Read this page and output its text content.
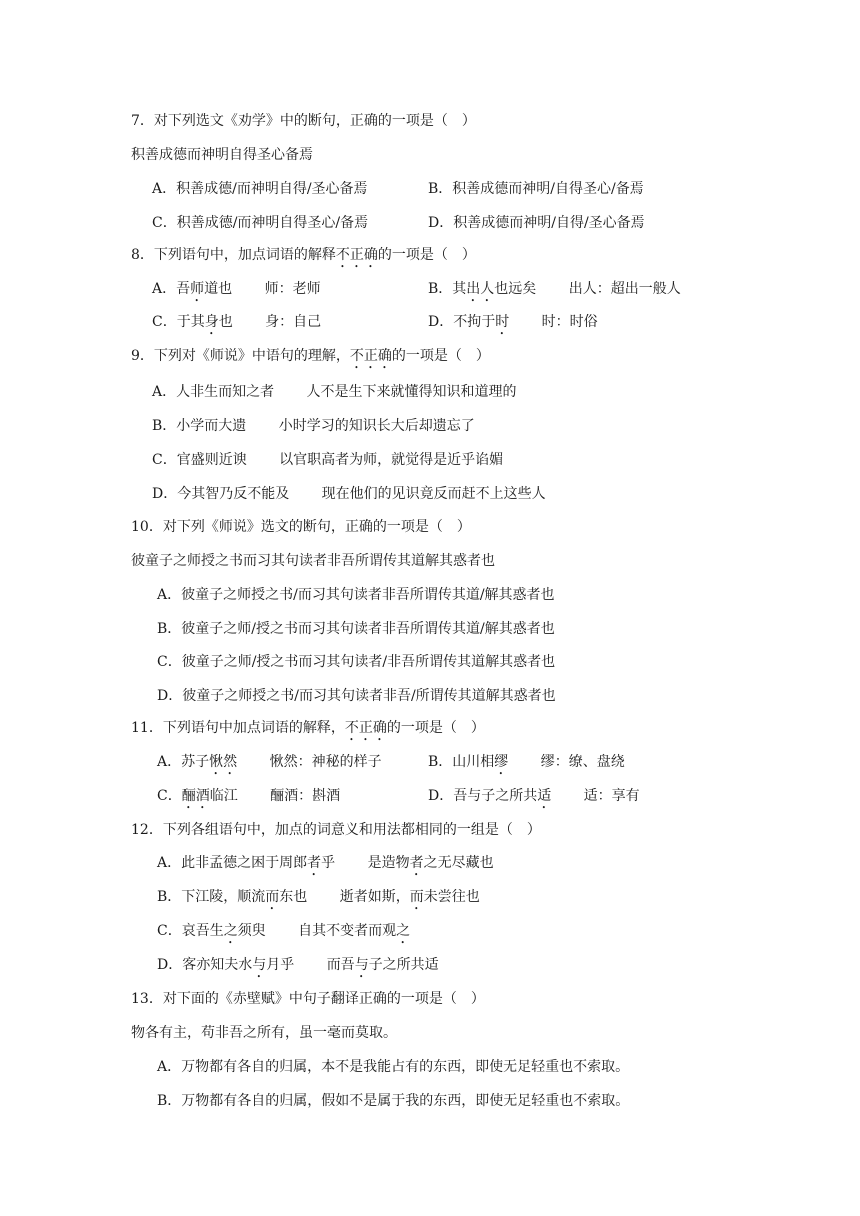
7．对下列选文《劝学》中的断句，正确的一项是（　）
积善成德而神明自得圣心备焉
A．积善成德/而神明自得/圣心备焉	B．积善成德而神明/自得圣心/备焉
C．积善成德/而神明自得圣心/备焉	D．积善成德而神明/自得/圣心备焉
8．下列语句中，加点词语的解释不正确的一项是（　）
A．吾师道也　　 师：老师	B．其出人也远矣　　 出人：超出一般人
C．于其身也　　 身：自己	D．不拘于时　　 时：时俗
9．下列对《师说》中语句的理解，不正确的一项是（　）
A．人非生而知之者　　 人不是生下来就懂得知识和道理的
B．小学而大遗　　 小时学习的知识长大后却遗忘了
C．官盛则近谀　　 以官职高者为师，就觉得是近乎谄媚
D．今其智乃反不能及　　 现在他们的见识竟反而赶不上这些人
10．对下列《师说》选文的断句，正确的一项是（　）
彼童子之师授之书而习其句读者非吾所谓传其道解其惑者也
A．彼童子之师授之书/而习其句读者非吾所谓传其道/解其惑者也
B．彼童子之师/授之书而习其句读者非吾所谓传其道/解其惑者也
C．彼童子之师/授之书而习其句读者/非吾所谓传其道解其惑者也
D．彼童子之师授之书/而习其句读者非吾/所谓传其道解其惑者也
11．下列语句中加点词语的解释，不正确的一项是（　）
A．苏子愀然　　 愀然：神秘的样子	B．山川相缪　　 缪：缭、盘绕
C．酾酒临江　　 酾酒：斟酒	D．吾与子之所共适　　 适：享有
12．下列各组语句中，加点的词意义和用法都相同的一组是（　）
A．此非孟德之困于周郎者乎　　 是造物者之无尽藏也
B．下江陵，顺流而东也　　 逝者如斯，而未尝往也
C．哀吾生之须臾　　 自其不变者而观之
D．客亦知夫水与月乎　　 而吾与子之所共适
13．对下面的《赤壁赋》中句子翻译正确的一项是（　）
物各有主，苟非吾之所有，虽一毫而莫取。
A．万物都有各自的归属，本不是我能占有的东西，即使无足轻重也不索取。
B．万物都有各自的归属，假如不是属于我的东西，即使无足轻重也不索取。
